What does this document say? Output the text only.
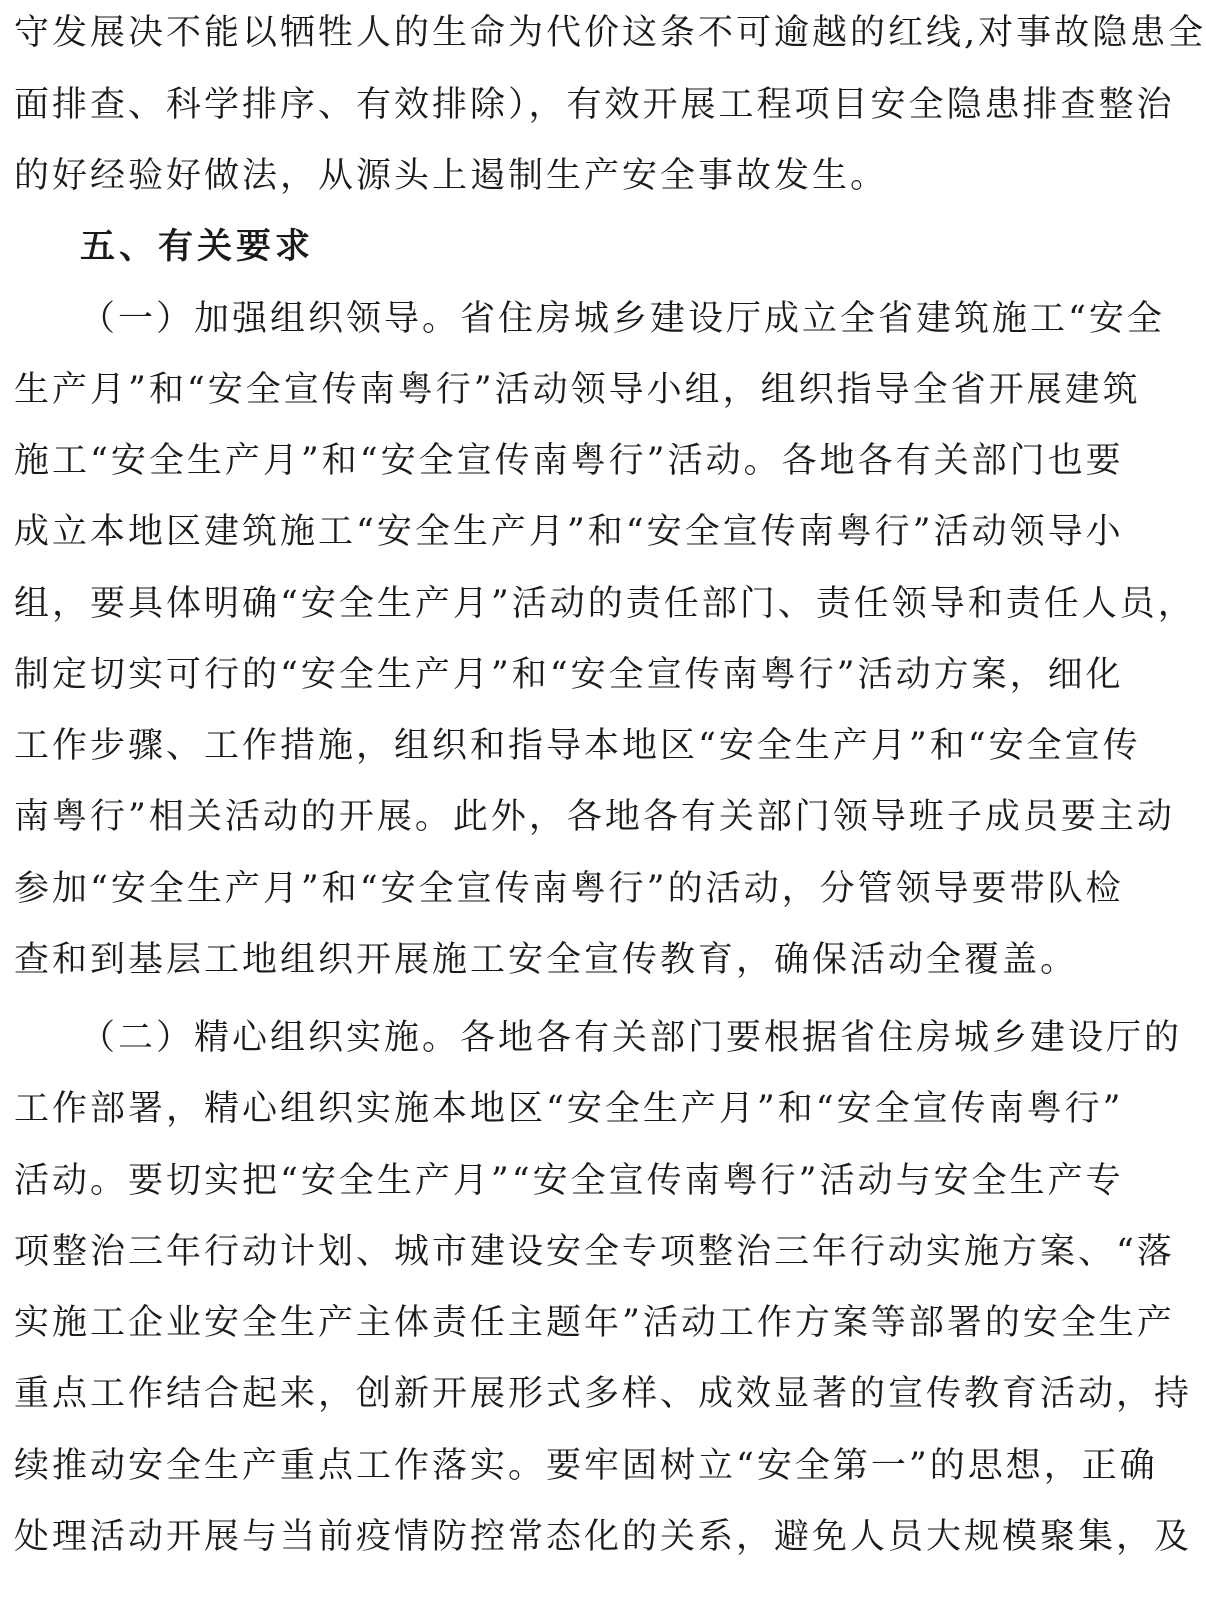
守发展决不能以牺牲人的生命为代价这条不可逾越的红线,对事故隐患全
面排查、科学排序、有效排除），有效开展工程项目安全隐患排查整治
的好经验好做法，从源头上遏制生产安全事故发生。
五、有关要求
（一）加强组织领导。省住房城乡建设厅成立全省建筑施工“安全
生产月”和“安全宣传南粤行”活动领导小组，组织指导全省开展建筑
施工“安全生产月”和“安全宣传南粤行”活动。各地各有关部门也要
成立本地区建筑施工“安全生产月”和“安全宣传南粤行”活动领导小
组，要具体明确“安全生产月”活动的责任部门、责任领导和责任人员，
制定切实可行的“安全生产月”和“安全宣传南粤行”活动方案，细化
工作步骤、工作措施，组织和指导本地区“安全生产月”和“安全宣传
南粤行”相关活动的开展。此外，各地各有关部门领导班子成员要主动
参加“安全生产月”和“安全宣传南粤行”的活动，分管领导要带队检
查和到基层工地组织开展施工安全宣传教育，确保活动全覆盖。
（二）精心组织实施。各地各有关部门要根据省住房城乡建设厅的
工作部署，精心组织实施本地区“安全生产月”和“安全宣传南粤行”
活动。要切实把“安全生产月”“安全宣传南粤行”活动与安全生产专
项整治三年行动计划、城市建设安全专项整治三年行动实施方案、“落
实施工企业安全生产主体责任主题年”活动工作方案等部署的安全生产
重点工作结合起来，创新开展形式多样、成效显著的宣传教育活动，持
续推动安全生产重点工作落实。要牢固树立“安全第一”的思想，正确
处理活动开展与当前疫情防控常态化的关系，避免人员大规模聚集，及
